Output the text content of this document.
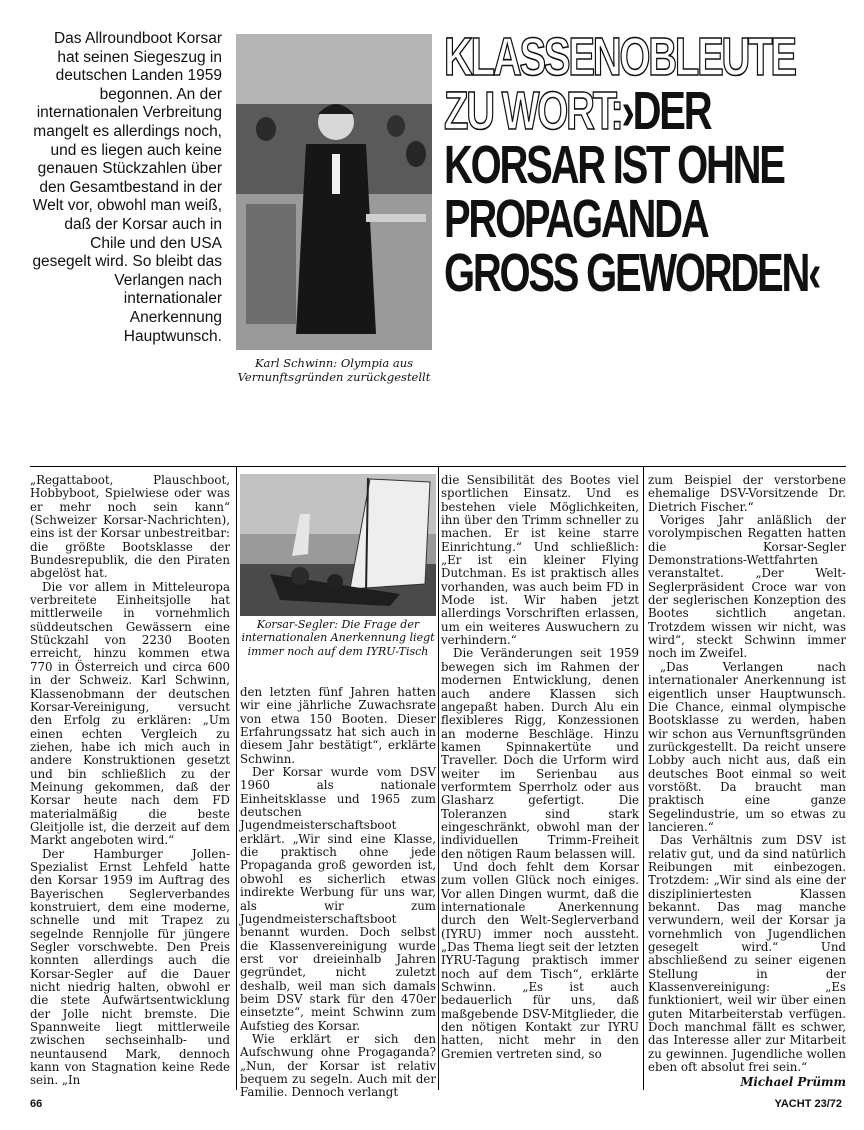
Das Allroundboot Korsar hat seinen Siegeszug in deutschen Landen 1959 begonnen. An der internationalen Verbreitung mangelt es allerdings noch, und es liegen auch keine genauen Stückzahlen über den Gesamtbestand in der Welt vor, obwohl man weiß, daß der Korsar auch in Chile und den USA gesegelt wird. So bleibt das Verlangen nach internationaler Anerkennung Hauptwunsch.
Karl Schwinn: Olympia aus Vernunftsgründen zurückgestellt
KLASSENOBLEUTE
ZU WORT:›DER
KORSAR IST OHNE
PROPAGANDA
GROSS GEWORDEN‹

„Regattaboot, Plauschboot, Hobbyboot, Spielwiese oder was er mehr noch sein kann“ (Schweizer Korsar-Nachrichten), eins ist der Korsar unbestreitbar: die größte Bootsklasse der Bundesrepublik, die den Piraten abgelöst hat.

Die vor allem in Mitteleuropa verbreitete Einheitsjolle hat mittlerweile in vornehmlich süddeutschen Gewässern eine Stückzahl von 2230 Booten erreicht, hinzu kommen etwa 770 in Österreich und circa 600 in der Schweiz. Karl Schwinn, Klassenobmann der deutschen Korsar-Vereinigung, versucht den Erfolg zu erklären: „Um einen echten Vergleich zu ziehen, habe ich mich auch in andere Konstruktionen gesetzt und bin schließlich zu der Meinung gekommen, daß der Korsar heute nach dem FD materialmäßig die beste Gleitjolle ist, die derzeit auf dem Markt angeboten wird.“

Der Hamburger Jollen-Spezialist Ernst Lehfeld hatte den Korsar 1959 im Auftrag des Bayerischen Seglerverbandes konstruiert, dem eine moderne, schnelle und mit Trapez zu segelnde Rennjolle für jüngere Segler vorschwebte. Den Preis konnten allerdings auch die Korsar-Segler auf die Dauer nicht niedrig halten, obwohl er die stete Aufwärtsentwicklung der Jolle nicht bremste. Die Spannweite liegt mittlerweile zwischen sechseinhalb- und neuntausend Mark, dennoch kann von Stagnation keine Rede sein. „In

Korsar-Segler: Die Frage der internationalen Anerkennung liegt immer noch auf dem IYRU-Tisch

den letzten fünf Jahren hatten wir eine jährliche Zuwachsrate von etwa 150 Booten. Dieser Erfahrungssatz hat sich auch in diesem Jahr bestätigt“, erklärte Schwinn.

Der Korsar wurde vom DSV 1960 als nationale Einheitsklasse und 1965 zum deutschen Jugendmeisterschaftsboot erklärt. „Wir sind eine Klasse, die praktisch ohne jede Propaganda groß geworden ist, obwohl es sicherlich etwas indirekte Werbung für uns war, als wir zum Jugendmeisterschaftsboot benannt wurden. Doch selbst die Klassenvereinigung wurde erst vor dreieinhalb Jahren gegründet, nicht zuletzt deshalb, weil man sich damals beim DSV stark für den 470er einsetzte“, meint Schwinn zum Aufstieg des Korsar.

Wie erklärt er sich den Aufschwung ohne Progaganda? „Nun, der Korsar ist relativ bequem zu segeln. Auch mit der Familie. Dennoch verlangt

die Sensibilität des Bootes viel sportlichen Einsatz. Und es bestehen viele Möglichkeiten, ihn über den Trimm schneller zu machen. Er ist keine starre Einrichtung.“ Und schließlich: „Er ist ein kleiner Flying Dutchman. Es ist praktisch alles vorhanden, was auch beim FD in Mode ist. Wir haben jetzt allerdings Vorschriften erlassen, um ein weiteres Auswuchern zu verhindern.“

Die Veränderungen seit 1959 bewegen sich im Rahmen der modernen Entwicklung, denen auch andere Klassen sich angepaßt haben. Durch Alu ein flexibleres Rigg, Konzessionen an moderne Beschläge. Hinzu kamen Spinnakertüte und Traveller. Doch die Urform wird weiter im Serienbau aus verformtem Sperrholz oder aus Glasharz gefertigt. Die Toleranzen sind stark eingeschränkt, obwohl man der individuellen Trimm-Freiheit den nötigen Raum belassen will.

Und doch fehlt dem Korsar zum vollen Glück noch einiges. Vor allen Dingen wurmt, daß die internationale Anerkennung durch den Welt-Seglerverband (IYRU) immer noch aussteht. „Das Thema liegt seit der letzten IYRU-Tagung praktisch immer noch auf dem Tisch“, erklärte Schwinn. „Es ist auch bedauerlich für uns, daß maßgebende DSV-Mitglieder, die den nötigen Kontakt zur IYRU hatten, nicht mehr in den Gremien vertreten sind, so

zum Beispiel der verstorbene ehemalige DSV-Vorsitzende Dr. Dietrich Fischer.“

Voriges Jahr anläßlich der vorolympischen Regatten hatten die Korsar-Segler Demonstrations-Wettfahrten veranstaltet. „Der Welt-Seglerpräsident Croce war von der seglerischen Konzeption des Bootes sichtlich angetan. Trotzdem wissen wir nicht, was wird“, steckt Schwinn immer noch im Zweifel.

„Das Verlangen nach internationaler Anerkennung ist eigentlich unser Hauptwunsch. Die Chance, einmal olympische Bootsklasse zu werden, haben wir schon aus Vernunftsgründen zurückgestellt. Da reicht unsere Lobby auch nicht aus, daß ein deutsches Boot einmal so weit vorstößt. Da braucht man praktisch eine ganze Segelindustrie, um so etwas zu lancieren.“

Das Verhältnis zum DSV ist relativ gut, und da sind natürlich Reibungen mit einbezogen. Trotzdem: „Wir sind als eine der diszipliniertesten Klassen bekannt. Das mag manche verwundern, weil der Korsar ja vornehmlich von Jugendlichen gesegelt wird.“ Und abschließend zu seiner eigenen Stellung in der Klassenvereinigung: „Es funktioniert, weil wir über einen guten Mitarbeiterstab verfügen. Doch manchmal fällt es schwer, das Interesse aller zur Mitarbeit zu gewinnen. Jugendliche wollen eben oft absolut frei sein.“

Michael Prümm
66	YACHT 23/72
